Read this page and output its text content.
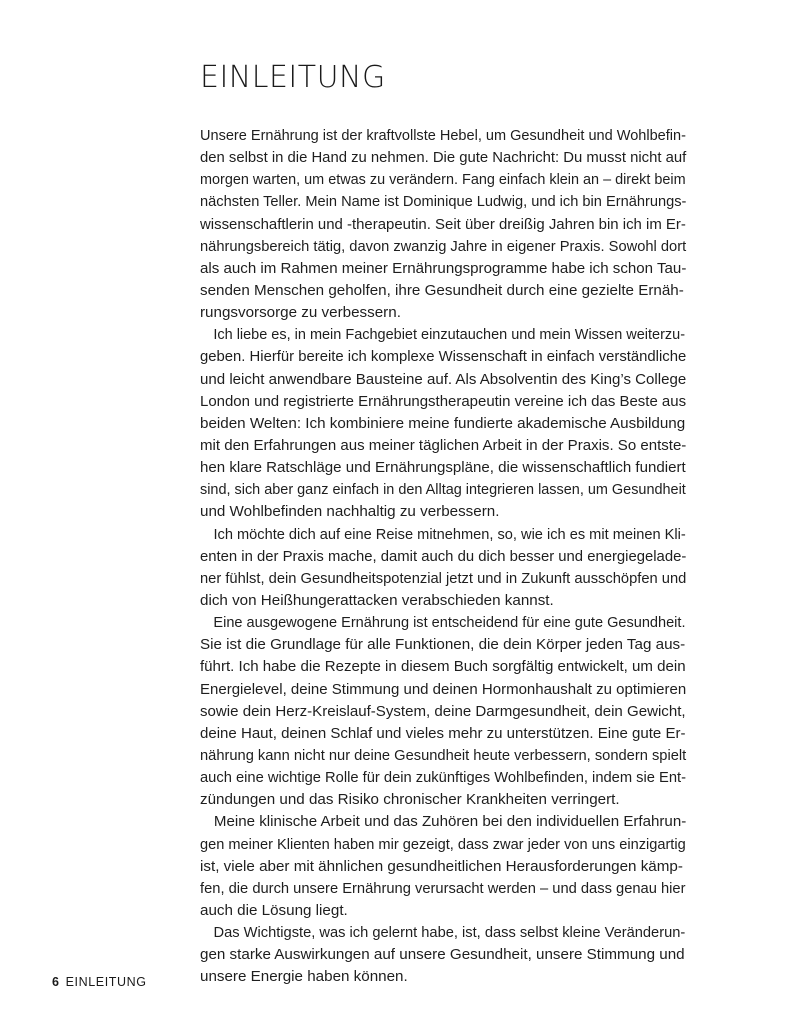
EINLEITUNG

Unsere Ernährung ist der kraftvollste Hebel, um Gesundheit und Wohlbefin-
den selbst in die Hand zu nehmen. Die gute Nachricht: Du musst nicht auf
morgen warten, um etwas zu verändern. Fang einfach klein an – direkt beim
nächsten Teller. Mein Name ist Dominique Ludwig, und ich bin Ernährungs-
wissenschaftlerin und -therapeutin. Seit über dreißig Jahren bin ich im Er-
nährungsbereich tätig, davon zwanzig Jahre in eigener Praxis. Sowohl dort
als auch im Rahmen meiner Ernährungsprogramme habe ich schon Tau-
senden Menschen geholfen, ihre Gesundheit durch eine gezielte Ernäh-
rungsvorsorge zu verbessern.

Ich liebe es, in mein Fachgebiet einzutauchen und mein Wissen weiterzu-
geben. Hierfür bereite ich komplexe Wissenschaft in einfach verständliche
und leicht anwendbare Bausteine auf. Als Absolventin des King’s College
London und registrierte Ernährungstherapeutin vereine ich das Beste aus
beiden Welten: Ich kombiniere meine fundierte akademische Ausbildung
mit den Erfahrungen aus meiner täglichen Arbeit in der Praxis. So entste-
hen klare Ratschläge und Ernährungspläne, die wissenschaftlich fundiert
sind, sich aber ganz einfach in den Alltag integrieren lassen, um Gesundheit
und Wohlbefinden nachhaltig zu verbessern.

Ich möchte dich auf eine Reise mitnehmen, so, wie ich es mit meinen Kli-
enten in der Praxis mache, damit auch du dich besser und energiegelade-
ner fühlst, dein Gesundheitspotenzial jetzt und in Zukunft ausschöpfen und
dich von Heißhungerattacken verabschieden kannst.

Eine ausgewogene Ernährung ist entscheidend für eine gute Gesundheit.
Sie ist die Grundlage für alle Funktionen, die dein Körper jeden Tag aus-
führt. Ich habe die Rezepte in diesem Buch sorgfältig entwickelt, um dein
Energielevel, deine Stimmung und deinen Hormonhaushalt zu optimieren
sowie dein Herz-Kreislauf-System, deine Darmgesundheit, dein Gewicht,
deine Haut, deinen Schlaf und vieles mehr zu unterstützen. Eine gute Er-
nährung kann nicht nur deine Gesundheit heute verbessern, sondern spielt
auch eine wichtige Rolle für dein zukünftiges Wohlbefinden, indem sie Ent-
zündungen und das Risiko chronischer Krankheiten verringert.

Meine klinische Arbeit und das Zuhören bei den individuellen Erfahrun-
gen meiner Klienten haben mir gezeigt, dass zwar jeder von uns einzigartig
ist, viele aber mit ähnlichen gesundheitlichen Herausforderungen kämp-
fen, die durch unsere Ernährung verursacht werden – und dass genau hier
auch die Lösung liegt.

Das Wichtigste, was ich gelernt habe, ist, dass selbst kleine Veränderun-
gen starke Auswirkungen auf unsere Gesundheit, unsere Stimmung und
unsere Energie haben können.

6 EINLEITUNG
